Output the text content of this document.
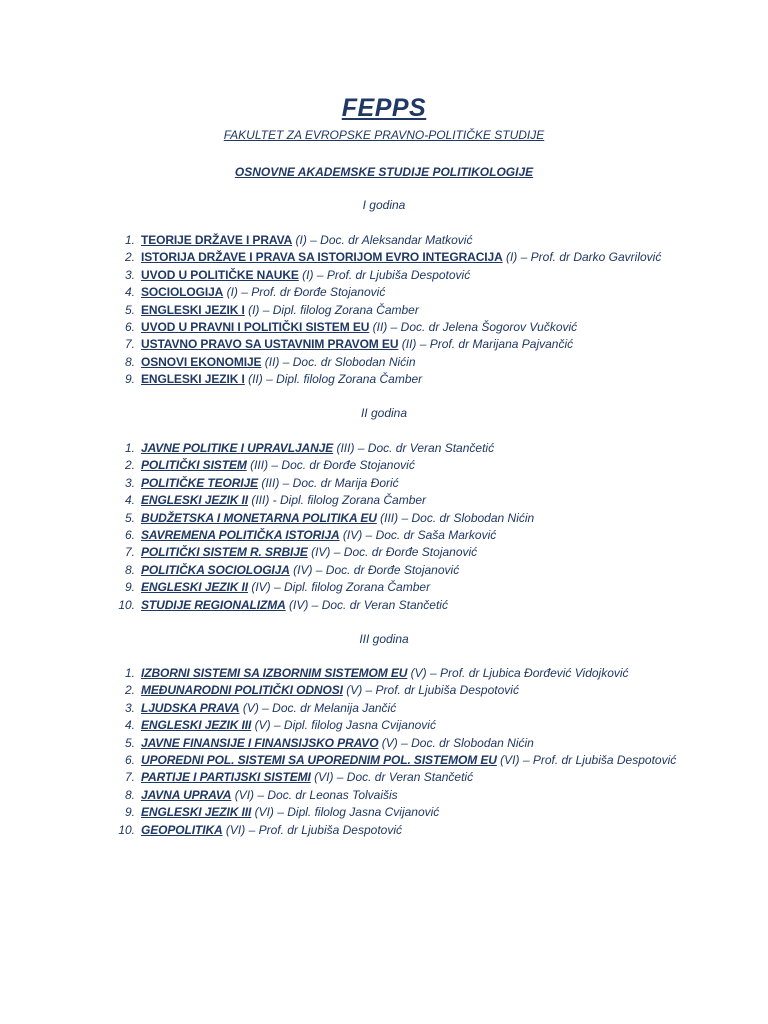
FEPPS
FAKULTET ZA EVROPSKE PRAVNO-POLITIČKE STUDIJE
OSNOVNE AKADEMSKE STUDIJE POLITIKOLOGIJE
I godina
1. TEORIJE DRŽAVE I PRAVA (I) – Doc. dr Aleksandar Matković
2. ISTORIJA DRŽAVE I PRAVA SA ISTORIJOM EVRO INTEGRACIJA (I) – Prof. dr Darko Gavrilović
3. UVOD U POLITIČKE NAUKE (I) – Prof. dr Ljubiša Despotović
4. SOCIOLOGIJA (I) – Prof. dr Đorđe Stojanović
5. ENGLESKI JEZIK I (I) – Dipl. filolog Zorana Čamber
6. UVOD U PRAVNI I POLITIČKI SISTEM EU (II) – Doc. dr Jelena Šogorov Vučković
7. USTAVNO PRAVO SA USTAVNIM PRAVOM EU (II) – Prof. dr Marijana Pajvančić
8. OSNOVI EKONOMIJE (II) – Doc. dr Slobodan Nićin
9. ENGLESKI JEZIK I (II) – Dipl. filolog Zorana Čamber
II godina
1. JAVNE POLITIKE I UPRAVLJANJE (III) – Doc. dr Veran Stančetić
2. POLITIČKI SISTEM (III) – Doc. dr Đorđe Stojanović
3. POLITIČKE TEORIJE (III) – Doc. dr Marija Đorić
4. ENGLESKI JEZIK II (III) - Dipl. filolog Zorana Čamber
5. BUDŽETSKA I MONETARNA POLITIKA EU (III) – Doc. dr Slobodan Nićin
6. SAVREMENA POLITIČKA ISTORIJA (IV) – Doc. dr Saša Marković
7. POLITIČKI SISTEM R. SRBIJE (IV) – Doc. dr Đorđe Stojanović
8. POLITIČKA SOCIOLOGIJA (IV) – Doc. dr Đorđe Stojanović
9. ENGLESKI JEZIK II (IV) – Dipl. filolog Zorana Čamber
10. STUDIJE REGIONALIZMA (IV) – Doc. dr Veran Stančetić
III godina
1. IZBORNI SISTEMI SA IZBORNIM SISTEMOM EU (V) – Prof. dr Ljubica Đorđević Vidojković
2. MEĐUNARODNI POLITIČKI ODNOSI (V) – Prof. dr Ljubiša Despotović
3. LJUDSKA PRAVA (V) – Doc. dr Melanija Jančić
4. ENGLESKI JEZIK III (V) – Dipl. filolog Jasna Cvijanović
5. JAVNE FINANSIJE I FINANSIJSKO PRAVO (V) – Doc. dr Slobodan Nićin
6. UPOREDNI POL. SISTEMI SA UPOREDNIM POL. SISTEMOM EU (VI) – Prof. dr Ljubiša Despotović
7. PARTIJE I PARTIJSKI SISTEMI (VI) – Doc. dr Veran Stančetić
8. JAVNA UPRAVA (VI) – Doc. dr Leonas Tolvaišis
9. ENGLESKI JEZIK III (VI) – Dipl. filolog Jasna Cvijanović
10. GEOPOLITIKA (VI) – Prof. dr Ljubiša Despotović
